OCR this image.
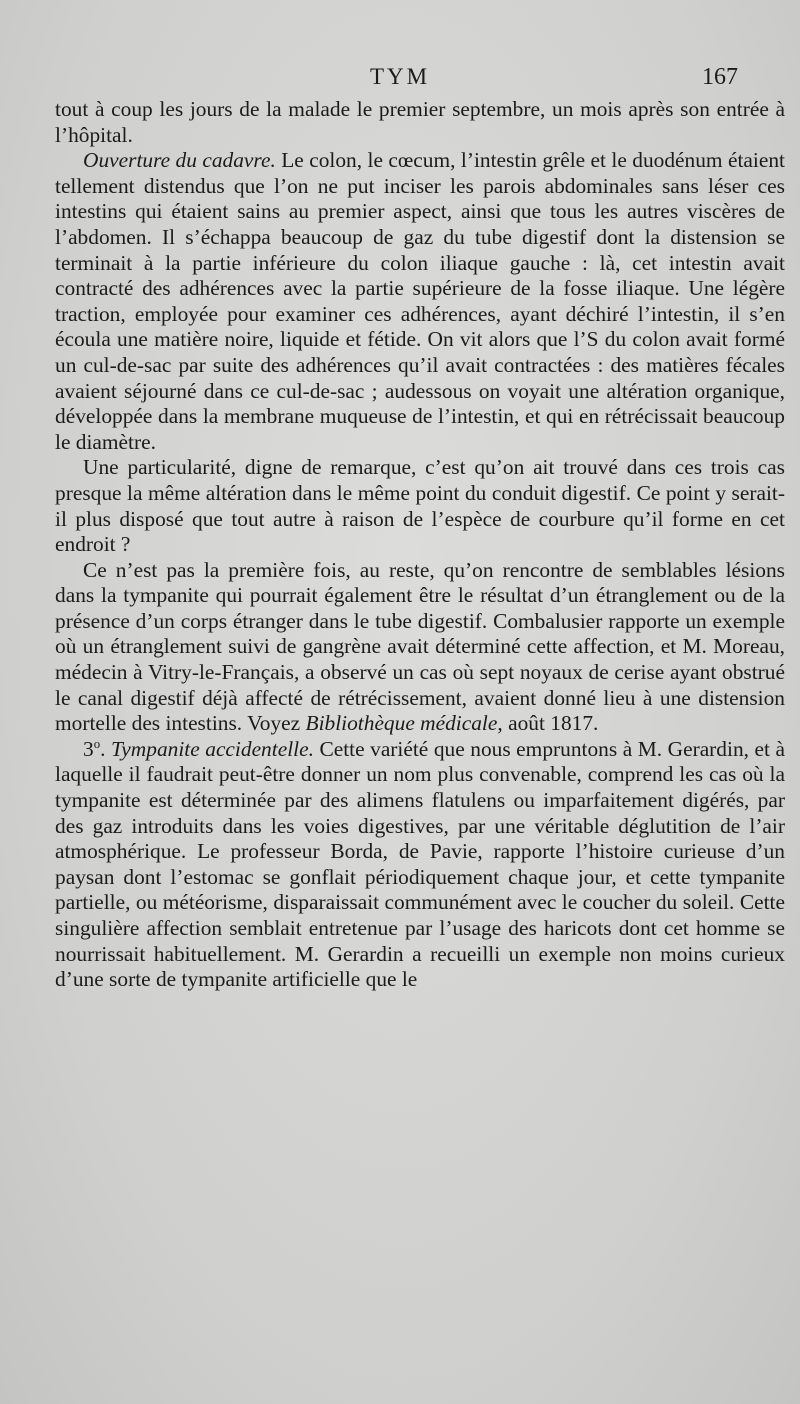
TYM	167

tout à coup les jours de la malade le premier septembre, un mois après son entrée à l’hôpital.

Ouverture du cadavre. Le colon, le cœcum, l’intestin grêle et le duodénum étaient tellement distendus que l’on ne put inciser les parois abdominales sans léser ces intestins qui étaient sains au premier aspect, ainsi que tous les autres viscères de l’abdomen. Il s’échappa beaucoup de gaz du tube digestif dont la distension se terminait à la partie inférieure du colon iliaque gauche : là, cet intestin avait contracté des adhérences avec la partie supérieure de la fosse iliaque. Une légère traction, employée pour examiner ces adhérences, ayant déchiré l’intestin, il s’en écoula une matière noire, liquide et fétide. On vit alors que l’S du colon avait formé un cul-de-sac par suite des adhérences qu’il avait contractées : des matières fécales avaient séjourné dans ce cul-de-sac ; audessous on voyait une altération organique, développée dans la membrane muqueuse de l’intestin, et qui en rétrécissait beaucoup le diamètre.

Une particularité, digne de remarque, c’est qu’on ait trouvé dans ces trois cas presque la même altération dans le même point du conduit digestif. Ce point y serait-il plus disposé que tout autre à raison de l’espèce de courbure qu’il forme en cet endroit ?

Ce n’est pas la première fois, au reste, qu’on rencontre de semblables lésions dans la tympanite qui pourrait également être le résultat d’un étranglement ou de la présence d’un corps étranger dans le tube digestif. Combalusier rapporte un exemple où un étranglement suivi de gangrène avait déterminé cette affection, et M. Moreau, médecin à Vitry-le-Français, a observé un cas où sept noyaux de cerise ayant obstrué le canal digestif déjà affecté de rétrécissement, avaient donné lieu à une distension mortelle des intestins. Voyez Bibliothèque médicale, août 1817.

3$^o$. Tympanite accidentelle. Cette variété que nous empruntons à M. Gerardin, et à laquelle il faudrait peut-être donner un nom plus convenable, comprend les cas où la tympanite est déterminée par des alimens flatulens ou imparfaitement digérés, par des gaz introduits dans les voies digestives, par une véritable déglutition de l’air atmosphérique. Le professeur Borda, de Pavie, rapporte l’histoire curieuse d’un paysan dont l’estomac se gonflait périodiquement chaque jour, et cette tympanite partielle, ou météorisme, disparaissait communément avec le coucher du soleil. Cette singulière affection semblait entretenue par l’usage des haricots dont cet homme se nourrissait habituellement. M. Gerardin a recueilli un exemple non moins curieux d’une sorte de tympanite artificielle que le
